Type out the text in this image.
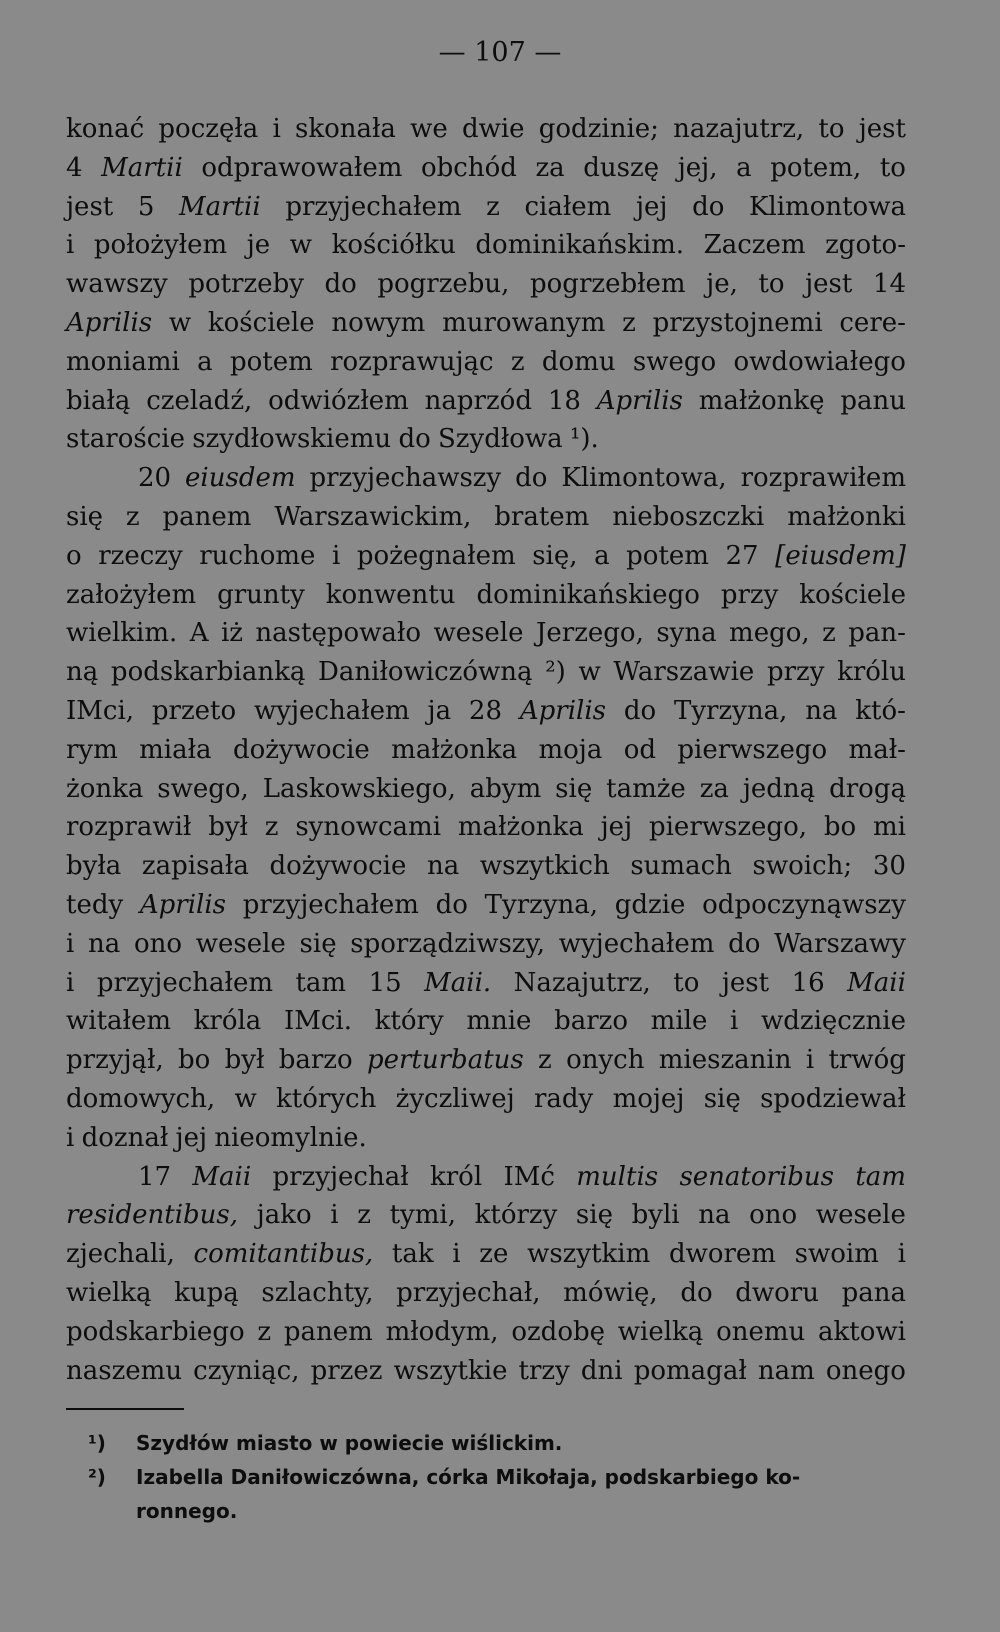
— 107 —
konać poczęła i skonała we dwie godzinie; nazajutrz, to jest
4 Martii odprawowałem obchód za duszę jej, a potem, to
jest 5 Martii przyjechałem z ciałem jej do Klimontowa
i położyłem je w kościółku dominikańskim. Zaczem zgoto-
wawszy potrzeby do pogrzebu, pogrzebłem je, to jest 14
Aprilis w kościele nowym murowanym z przystojnemi cere-
moniami a potem rozprawując z domu swego owdowiałego
białą czeladź, odwiózłem naprzód 18 Aprilis małżonkę panu
staroście szydłowskiemu do Szydłowa ¹).
20 eiusdem przyjechawszy do Klimontowa, rozprawiłem
się z panem Warszawickim, bratem nieboszczki małżonki
o rzeczy ruchome i pożegnałem się, a potem 27 [eiusdem]
założyłem grunty konwentu dominikańskiego przy kościele
wielkim. A iż następowało wesele Jerzego, syna mego, z pan-
ną podskarbianką Daniłowiczówną ²) w Warszawie przy królu
IMci, przeto wyjechałem ja 28 Aprilis do Tyrzyna, na któ-
rym miała dożywocie małżonka moja od pierwszego mał-
żonka swego, Laskowskiego, abym się tamże za jedną drogą
rozprawił był z synowcami małżonka jej pierwszego, bo mi
była zapisała dożywocie na wszytkich sumach swoich; 30
tedy Aprilis przyjechałem do Tyrzyna, gdzie odpoczynąwszy
i na ono wesele się sporządziwszy, wyjechałem do Warszawy
i przyjechałem tam 15 Maii. Nazajutrz, to jest 16 Maii
witałem króla IMci. który mnie barzo mile i wdzięcznie
przyjął, bo był barzo perturbatus z onych mieszanin i trwóg
domowych, w których życzliwej rady mojej się spodziewał
i doznał jej nieomylnie.
17 Maii przyjechał król IMć multis senatoribus tam
residentibus, jako i z tymi, którzy się byli na ono wesele
zjechali, comitantibus, tak i ze wszytkim dworem swoim i
wielką kupą szlachty, przyjechał, mówię, do dworu pana
podskarbiego z panem młodym, ozdobę wielką onemu aktowi
naszemu czyniąc, przez wszytkie trzy dni pomagał nam onego
¹)	Szydłów miasto w powiecie wiślickim.
²)	Izabella Daniłowiczówna, córka Mikołaja, podskarbiego ko-
ronnego.
